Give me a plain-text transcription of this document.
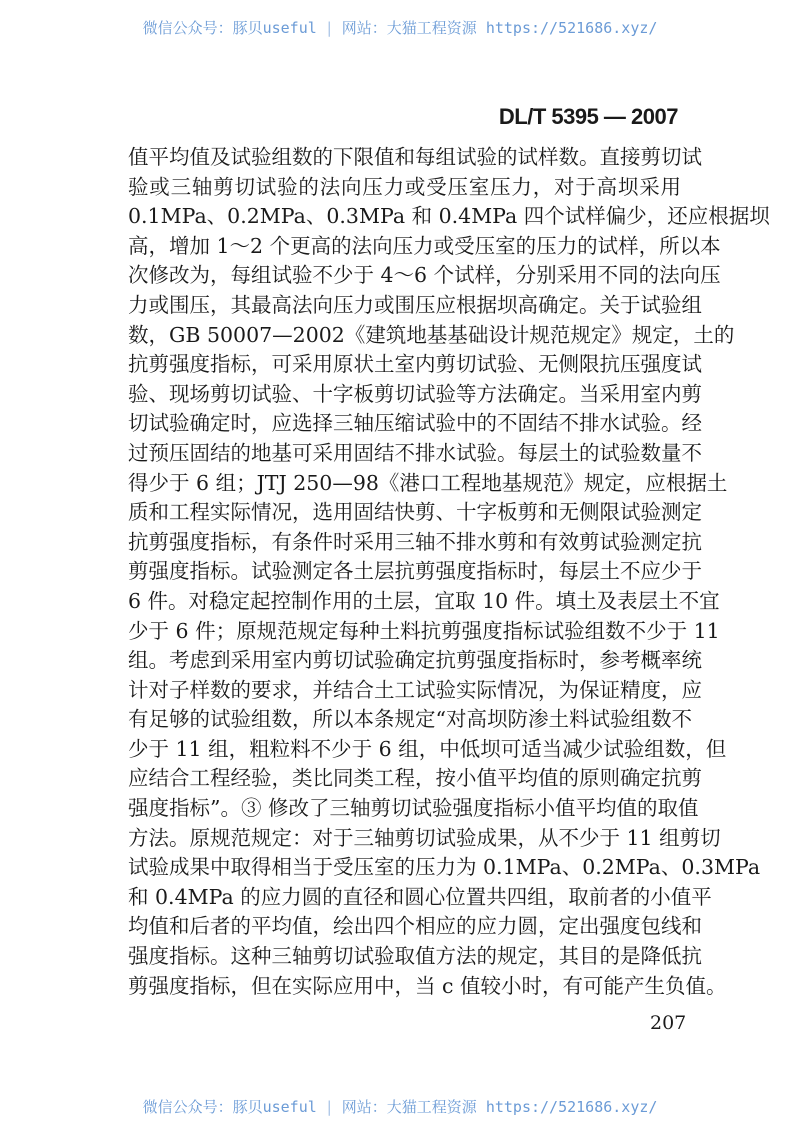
微信公众号：豚贝useful | 网站：大猫工程资源 https://521686.xyz/
DL/T 5395 — 2007
值平均值及试验组数的下限值和每组试验的试样数。直接剪切试
验或三轴剪切试验的法向压力或受压室压力，对于高坝采用
0.1MPa、0.2MPa、0.3MPa 和 0.4MPa 四个试样偏少，还应根据坝
高，增加 1～2 个更高的法向压力或受压室的压力的试样，所以本
次修改为，每组试验不少于 4～6 个试样，分别采用不同的法向压
力或围压，其最高法向压力或围压应根据坝高确定。关于试验组
数，GB 50007—2002《建筑地基基础设计规范规定》规定，土的
抗剪强度指标，可采用原状土室内剪切试验、无侧限抗压强度试
验、现场剪切试验、十字板剪切试验等方法确定。当采用室内剪
切试验确定时，应选择三轴压缩试验中的不固结不排水试验。经
过预压固结的地基可采用固结不排水试验。每层土的试验数量不
得少于 6 组；JTJ 250—98《港口工程地基规范》规定，应根据土
质和工程实际情况，选用固结快剪、十字板剪和无侧限试验测定
抗剪强度指标，有条件时采用三轴不排水剪和有效剪试验测定抗
剪强度指标。试验测定各土层抗剪强度指标时，每层土不应少于
6 件。对稳定起控制作用的土层，宜取 10 件。填土及表层土不宜
少于 6 件；原规范规定每种土料抗剪强度指标试验组数不少于 11
组。考虑到采用室内剪切试验确定抗剪强度指标时，参考概率统
计对子样数的要求，并结合土工试验实际情况，为保证精度，应
有足够的试验组数，所以本条规定“对高坝防渗土料试验组数不
少于 11 组，粗粒料不少于 6 组，中低坝可适当减少试验组数，但
应结合工程经验，类比同类工程，按小值平均值的原则确定抗剪
强度指标”。③ 修改了三轴剪切试验强度指标小值平均值的取值
方法。原规范规定：对于三轴剪切试验成果，从不少于 11 组剪切
试验成果中取得相当于受压室的压力为 0.1MPa、0.2MPa、0.3MPa
和 0.4MPa 的应力圆的直径和圆心位置共四组，取前者的小值平
均值和后者的平均值，绘出四个相应的应力圆，定出强度包线和
强度指标。这种三轴剪切试验取值方法的规定，其目的是降低抗
剪强度指标，但在实际应用中，当 c 值较小时，有可能产生负值。
207
微信公众号：豚贝useful | 网站：大猫工程资源 https://521686.xyz/
